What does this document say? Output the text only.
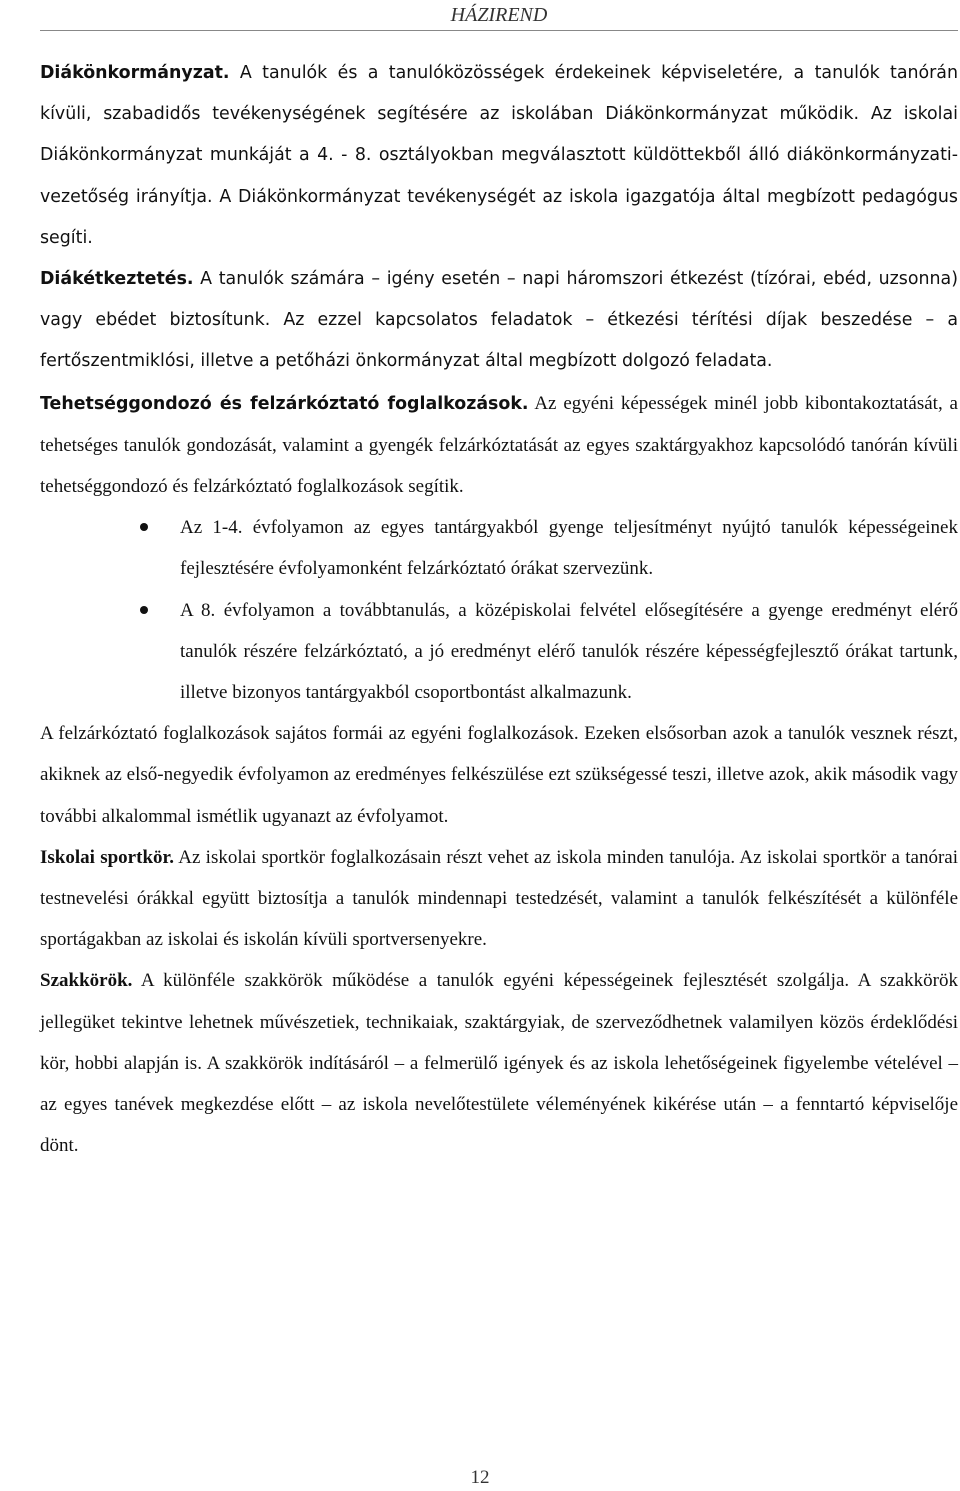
HÁZIREND

Diákönkormányzat. A tanulók és a tanulóközösségek érdekeinek képviseletére, a tanulók tanórán kívüli, szabadidős tevékenységének segítésére az iskolában Diákönkormányzat működik. Az iskolai Diákönkormányzat munkáját a 4. - 8. osztályokban megválasztott küldöttekből álló diákönkormányzati-vezetőség irányítja. A Diákönkormányzat tevékenységét az iskola igazgatója által megbízott pedagógus segíti.

Diákétkeztetés. A tanulók számára – igény esetén – napi háromszori étkezést (tízórai, ebéd, uzsonna) vagy ebédet biztosítunk. Az ezzel kapcsolatos feladatok – étkezési térítési díjak beszedése – a fertőszentmiklósi, illetve a petőházi önkormányzat által megbízott dolgozó feladata.

Tehetséggondozó és felzárkóztató foglalkozások. Az egyéni képességek minél jobb kibontakoztatását, a tehetséges tanulók gondozását, valamint a gyengék felzárkóztatását az egyes szaktárgyakhoz kapcsolódó tanórán kívüli tehetséggondozó és felzárkóztató foglalkozások segítik.

Az 1-4. évfolyamon az egyes tantárgyakból gyenge teljesítményt nyújtó tanulók képességeinek fejlesztésére évfolyamonként felzárkóztató órákat szervezünk.
A 8. évfolyamon a továbbtanulás, a középiskolai felvétel elősegítésére a gyenge eredményt elérő tanulók részére felzárkóztató, a jó eredményt elérő tanulók részére képességfejlesztő órákat tartunk, illetve bizonyos tantárgyakból csoportbontást alkalmazunk.

A felzárkóztató foglalkozások sajátos formái az egyéni foglalkozások. Ezeken elsősorban azok a tanulók vesznek részt, akiknek az első-negyedik évfolyamon az eredményes felkészülése ezt szükségessé teszi, illetve azok, akik második vagy további alkalommal ismétlik ugyanazt az évfolyamot.

Iskolai sportkör. Az iskolai sportkör foglalkozásain részt vehet az iskola minden tanulója. Az iskolai sportkör a tanórai testnevelési órákkal együtt biztosítja a tanulók mindennapi testedzését, valamint a tanulók felkészítését a különféle sportágakban az iskolai és iskolán kívüli sportversenyekre.

Szakkörök. A különféle szakkörök működése a tanulók egyéni képességeinek fejlesztését szolgálja. A szakkörök jellegüket tekintve lehetnek művészetiek, technikaiak, szaktárgyiak, de szerveződhetnek valamilyen közös érdeklődési kör, hobbi alapján is. A szakkörök indításáról – a felmerülő igények és az iskola lehetőségeinek figyelembe vételével – az egyes tanévek megkezdése előtt – az iskola nevelőtestülete véleményének kikérése után – a fenntartó képviselője dönt.

12
